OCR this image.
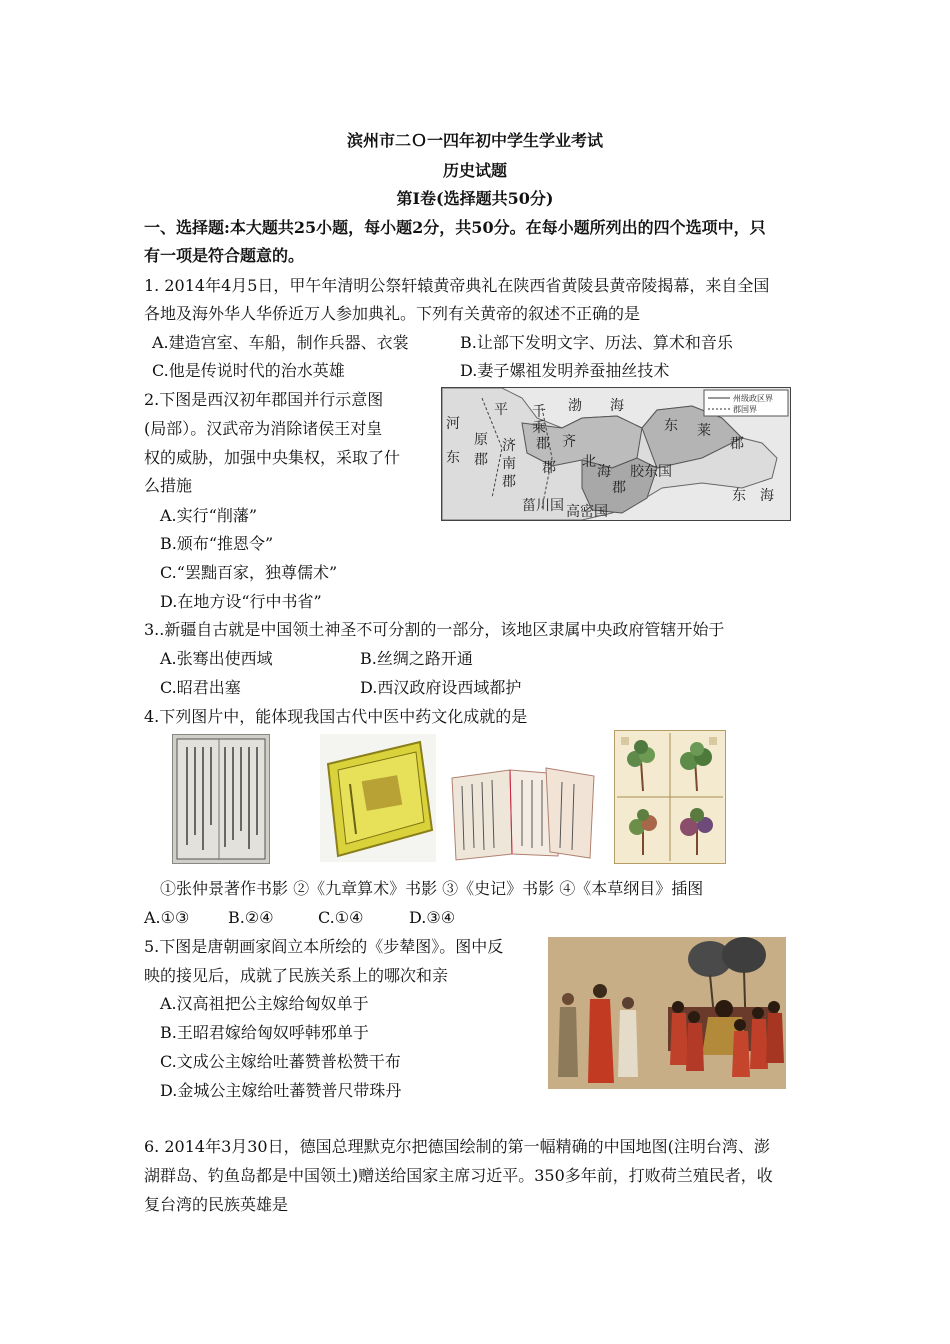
滨州市二Ｏ一四年初中学生学业考试
历史试题
第Ⅰ卷(选择题共50分)
一、选择题:本大题共25小题，每小题2分，共50分。在每小题所列出的四个选项中，只
有一项是符合题意的。
1. 2014年4月5日，甲午年清明公祭轩辕黄帝典礼在陕西省黄陵县黄帝陵揭幕，来自全国
各地及海外华人华侨近万人参加典礼。下列有关黄帝的叙述不正确的是
A.建造宫室、车船，制作兵器、衣裳	B.让部下发明文字、历法、算术和音乐
C.他是传说时代的治水英雄	D.妻子嫘祖发明养蚕抽丝技术
2.下图是西汉初年郡国并行示意图
(局部）。汉武帝为消除诸侯王对皇
权的威胁，加强中央集权，采取了什
么措施
A.实行“削藩”
B.颁布“推恩令”
C.“罢黜百家，独尊儒术”
D.在地方设“行中书省”
州级政区界
郡国界
渤 海
东 莱
郡
东 海
千
乘
郡
平
原
郡
济
南
郡
齐
郡 北
海
郡
胶东国
菑川国 高密国
河
东
3..新疆自古就是中国领土神圣不可分割的一部分，该地区隶属中央政府管辖开始于
A.张骞出使西域	B.丝绸之路开通
C.昭君出塞	D.西汉政府设西域都护
4.下列图片中，能体现我国古代中医中药文化成就的是
①张仲景著作书影 ②《九章算术》书影 ③《史记》书影 ④《本草纲目》插图
A.①③ B.②④	C.①④	D.③④
5.下图是唐朝画家阎立本所绘的《步辇图》。图中反
映的接见后，成就了民族关系上的哪次和亲
A.汉高祖把公主嫁给匈奴单于
B.王昭君嫁给匈奴呼韩邪单于
C.文成公主嫁给吐蕃赞普松赞干布
D.金城公主嫁给吐蕃赞普尺带珠丹
6. 2014年3月30日，德国总理默克尔把德国绘制的第一幅精确的中国地图(注明台湾、澎
湖群岛、钓鱼岛都是中国领土)赠送给国家主席习近平。350多年前，打败荷兰殖民者，收
复台湾的民族英雄是
